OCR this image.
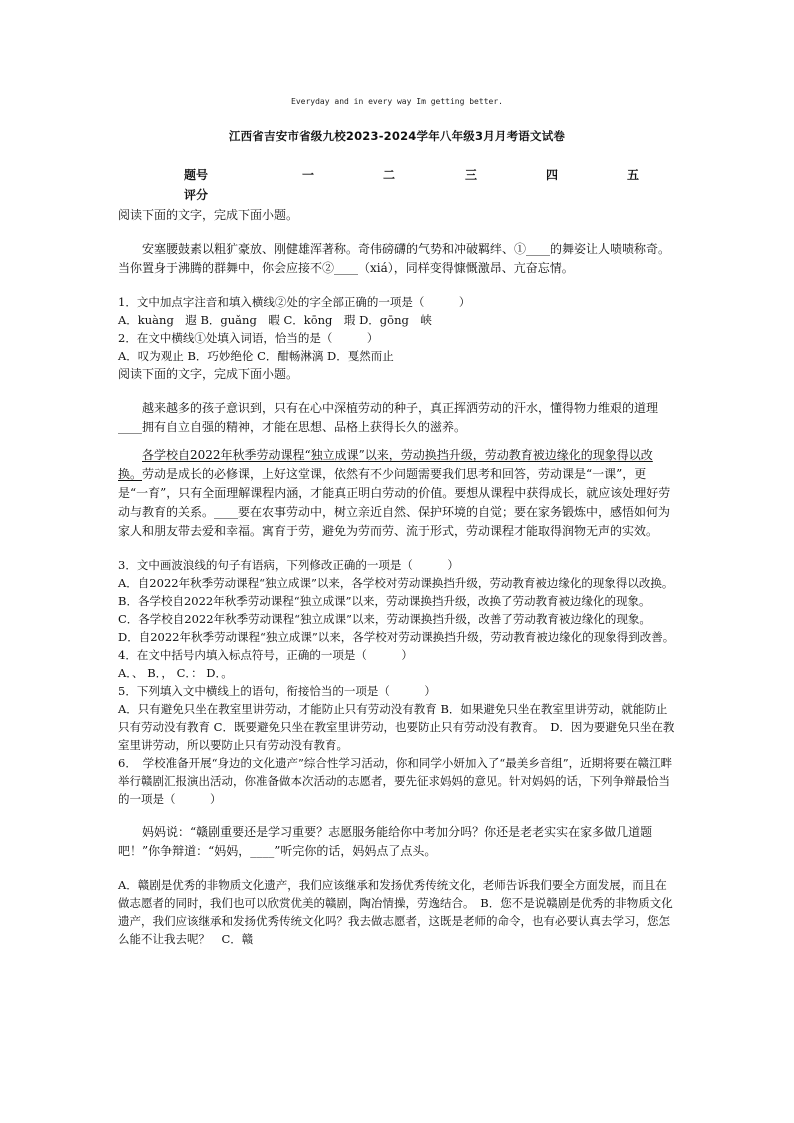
Everyday and in every way Im getting better.
江西省吉安市省级九校2023-2024学年八年级3月月考语文试卷
题号	一	二	三	四	五
评分

阅读下面的文字，完成下面小题。

安塞腰鼓素以粗犷豪放、刚健雄浑著称。奇伟磅礴的气势和冲破羁绊、①____的舞姿让人啧啧称奇。当你置身于沸腾的群舞中，你会应接不②____（xiá），同样变得慷慨激昂、亢奋忘情。

1．文中加点字注音和填入横线②处的字全部正确的一项是（　　　）

A．kuàng　遐 B．guǎng　暇 C．kōng　瑕 D．gōng　峡

2．在文中横线①处填入词语，恰当的是（　　　）

A．叹为观止 B．巧妙绝伦 C．酣畅淋漓 D．戛然而止

阅读下面的文字，完成下面小题。

越来越多的孩子意识到，只有在心中深植劳动的种子，真正挥洒劳动的汗水，懂得物力维艰的道理____拥有自立自强的精神，才能在思想、品格上获得长久的滋养。

各学校自2022年秋季劳动课程“独立成课”以来，劳动换挡升级，劳动教育被边缘化的现象得以改换。劳动是成长的必修课，上好这堂课，依然有不少问题需要我们思考和回答，劳动课是“一课”，更是“一育”，只有全面理解课程内涵，才能真正明白劳动的价值。要想从课程中获得成长，就应该处理好劳动与教育的关系。____要在农事劳动中，树立亲近自然、保护环境的自觉；要在家务锻炼中，感悟如何为家人和朋友带去爱和幸福。寓育于劳，避免为劳而劳、流于形式，劳动课程才能取得润物无声的实效。

3．文中画波浪线的句子有语病，下列修改正确的一项是（　　　）

A．自2022年秋季劳动课程“独立成课”以来，各学校对劳动课换挡升级，劳动教育被边缘化的现象得以改换。　B．各学校自2022年秋季劳动课程“独立成课”以来，劳动课换挡升级，改换了劳动教育被边缘化的现象。　C．各学校自2022年秋季劳动课程“独立成课”以来，劳动课换挡升级，改善了劳动教育被边缘化的现象。　D．自2022年秋季劳动课程“独立成课”以来，各学校对劳动课换挡升级，劳动教育被边缘化的现象得到改善。

4．在文中括号内填入标点符号，正确的一项是（　　　）

A．、 B．， C．： D．。

5．下列填入文中横线上的语句，衔接恰当的一项是（　　　）

A．只有避免只坐在教室里讲劳动，才能防止只有劳动没有教育 B．如果避免只坐在教室里讲劳动，就能防止只有劳动没有教育 C．既要避免只坐在教室里讲劳动，也要防止只有劳动没有教育。　D．因为要避免只坐在教室里讲劳动，所以要防止只有劳动没有教育。

6．　学校准备开展“身边的文化遗产”综合性学习活动，你和同学小妍加入了“最美乡音组”，近期将要在赣江畔举行赣剧汇报演出活动，你准备做本次活动的志愿者，要先征求妈妈的意见。针对妈妈的话，下列争辩最恰当的一项是（　　　）

妈妈说：“赣剧重要还是学习重要？志愿服务能给你中考加分吗？你还是老老实实在家多做几道题吧！”你争辩道：“妈妈，____”听完你的话，妈妈点了点头。

A．赣剧是优秀的非物质文化遗产，我们应该继承和发扬优秀传统文化，老师告诉我们要全方面发展，而且在做志愿者的同时，我们也可以欣赏优美的赣剧，陶冶情操，劳逸结合。　B．您不是说赣剧是优秀的非物质文化遗产，我们应该继承和发扬优秀传统文化吗？我去做志愿者，这既是老师的命令，也有必要认真去学习，您怎么能不让我去呢？　C．赣
